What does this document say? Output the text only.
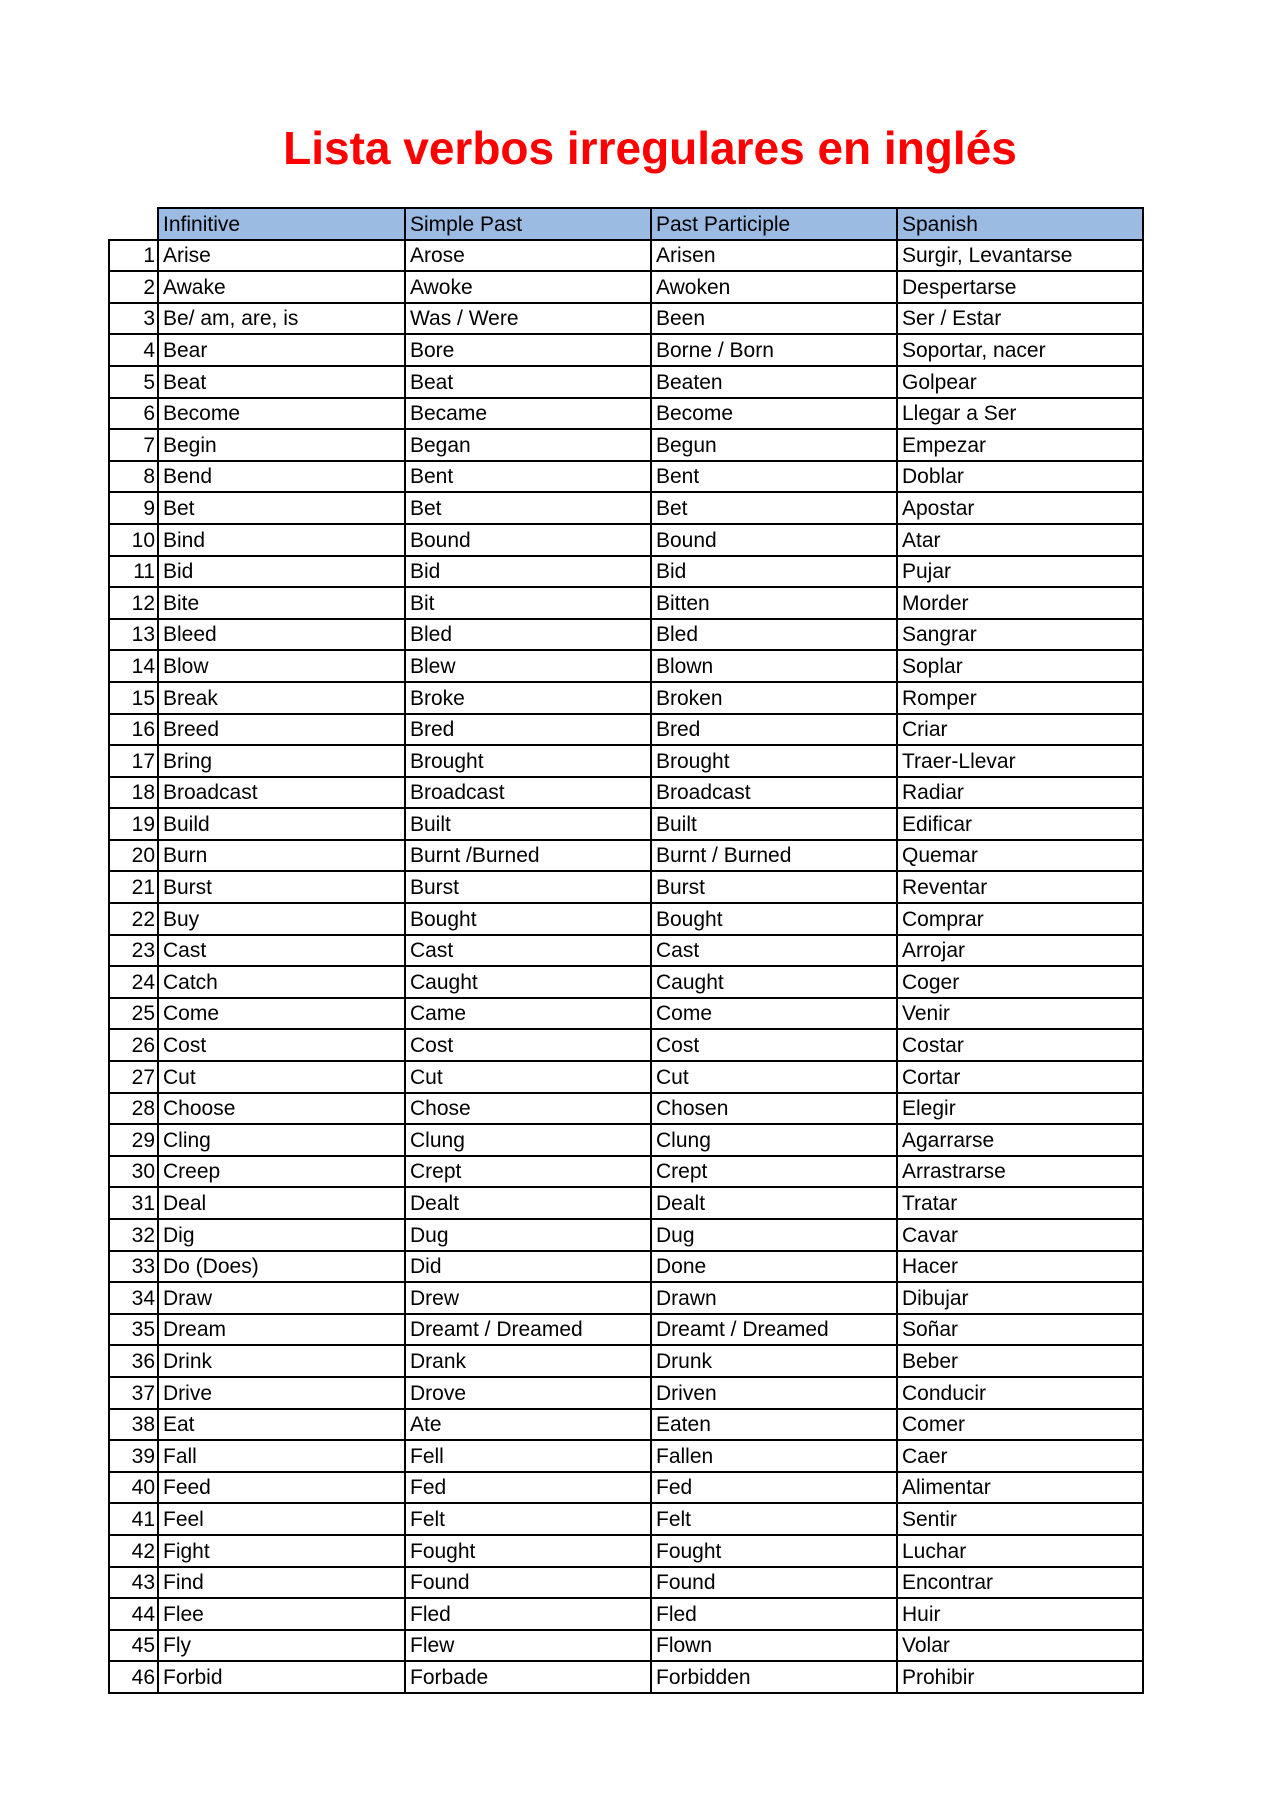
Lista verbos irregulares en inglés
	Infinitive	Simple Past	Past Participle	Spanish
1	Arise	Arose	Arisen	Surgir, Levantarse
2	Awake	Awoke	Awoken	Despertarse
3	Be/ am, are, is	Was / Were	Been	Ser / Estar
4	Bear	Bore	Borne / Born	Soportar, nacer
5	Beat	Beat	Beaten	Golpear
6	Become	Became	Become	Llegar a Ser
7	Begin	Began	Begun	Empezar
8	Bend	Bent	Bent	Doblar
9	Bet	Bet	Bet	Apostar
10	Bind	Bound	Bound	Atar
11	Bid	Bid	Bid	Pujar
12	Bite	Bit	Bitten	Morder
13	Bleed	Bled	Bled	Sangrar
14	Blow	Blew	Blown	Soplar
15	Break	Broke	Broken	Romper
16	Breed	Bred	Bred	Criar
17	Bring	Brought	Brought	Traer-Llevar
18	Broadcast	Broadcast	Broadcast	Radiar
19	Build	Built	Built	Edificar
20	Burn	Burnt /Burned	Burnt / Burned	Quemar
21	Burst	Burst	Burst	Reventar
22	Buy	Bought	Bought	Comprar
23	Cast	Cast	Cast	Arrojar
24	Catch	Caught	Caught	Coger
25	Come	Came	Come	Venir
26	Cost	Cost	Cost	Costar
27	Cut	Cut	Cut	Cortar
28	Choose	Chose	Chosen	Elegir
29	Cling	Clung	Clung	Agarrarse
30	Creep	Crept	Crept	Arrastrarse
31	Deal	Dealt	Dealt	Tratar
32	Dig	Dug	Dug	Cavar
33	Do (Does)	Did	Done	Hacer
34	Draw	Drew	Drawn	Dibujar
35	Dream	Dreamt / Dreamed	Dreamt / Dreamed	Soñar
36	Drink	Drank	Drunk	Beber
37	Drive	Drove	Driven	Conducir
38	Eat	Ate	Eaten	Comer
39	Fall	Fell	Fallen	Caer
40	Feed	Fed	Fed	Alimentar
41	Feel	Felt	Felt	Sentir
42	Fight	Fought	Fought	Luchar
43	Find	Found	Found	Encontrar
44	Flee	Fled	Fled	Huir
45	Fly	Flew	Flown	Volar
46	Forbid	Forbade	Forbidden	Prohibir
